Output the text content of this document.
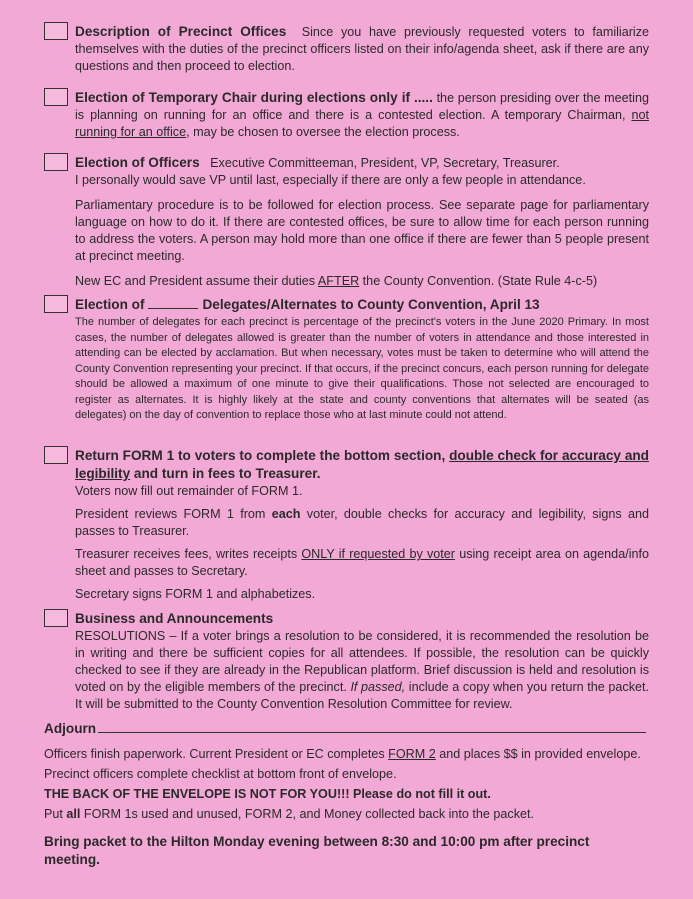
Description of Precinct Offices Since you have previously requested voters to familiarize themselves with the duties of the precinct officers listed on their info/agenda sheet, ask if there are any questions and then proceed to election.

Election of Temporary Chair during elections only if ..... the person presiding over the meeting is planning on running for an office and there is a contested election. A temporary Chairman, not running for an office, may be chosen to oversee the election process.

Election of Officers Executive Committeeman, President, VP, Secretary, Treasurer.

I personally would save VP until last, especially if there are only a few people in attendance.

Parliamentary procedure is to be followed for election process. See separate page for parliamentary language on how to do it. If there are contested offices, be sure to allow time for each person running to address the voters. A person may hold more than one office if there are fewer than 5 people present at precinct meeting.

New EC and President assume their duties AFTER the County Convention. (State Rule 4-c-5)

Election of	Delegates/Alternates to County Convention, April 13

The number of delegates for each precinct is percentage of the precinct's voters in the June 2020 Primary. In most cases, the number of delegates allowed is greater than the number of voters in attendance and those interested in attending can be elected by acclamation. But when necessary, votes must be taken to determine who will attend the County Convention representing your precinct. If that occurs, if the precinct concurs, each person running for delegate should be allowed a maximum of one minute to give their qualifications. Those not selected are encouraged to register as alternates. It is highly likely at the state and county conventions that alternates will be seated (as delegates) on the day of convention to replace those who at last minute could not attend.

Return FORM 1 to voters to complete the bottom section, double check for accuracy and legibility and turn in fees to Treasurer.

Voters now fill out remainder of FORM 1.

President reviews FORM 1 from each voter, double checks for accuracy and legibility, signs and passes to Treasurer.

Treasurer receives fees, writes receipts ONLY if requested by voter using receipt area on agenda/info sheet and passes to Secretary.

Secretary signs FORM 1 and alphabetizes.

Business and Announcements

RESOLUTIONS – If a voter brings a resolution to be considered, it is recommended the resolution be in writing and there be sufficient copies for all attendees. If possible, the resolution can be quickly checked to see if they are already in the Republican platform. Brief discussion is held and resolution is voted on by the eligible members of the precinct. If passed, include a copy when you return the packet. It will be submitted to the County Convention Resolution Committee for review.

Adjourn

Officers finish paperwork. Current President or EC completes FORM 2 and places $$ in provided envelope.

Precinct officers complete checklist at bottom front of envelope.

THE BACK OF THE ENVELOPE IS NOT FOR YOU!!! Please do not fill it out.

Put all FORM 1s used and unused, FORM 2, and Money collected back into the packet.

Bring packet to the Hilton Monday evening between 8:30 and 10:00 pm after precinct meeting.
